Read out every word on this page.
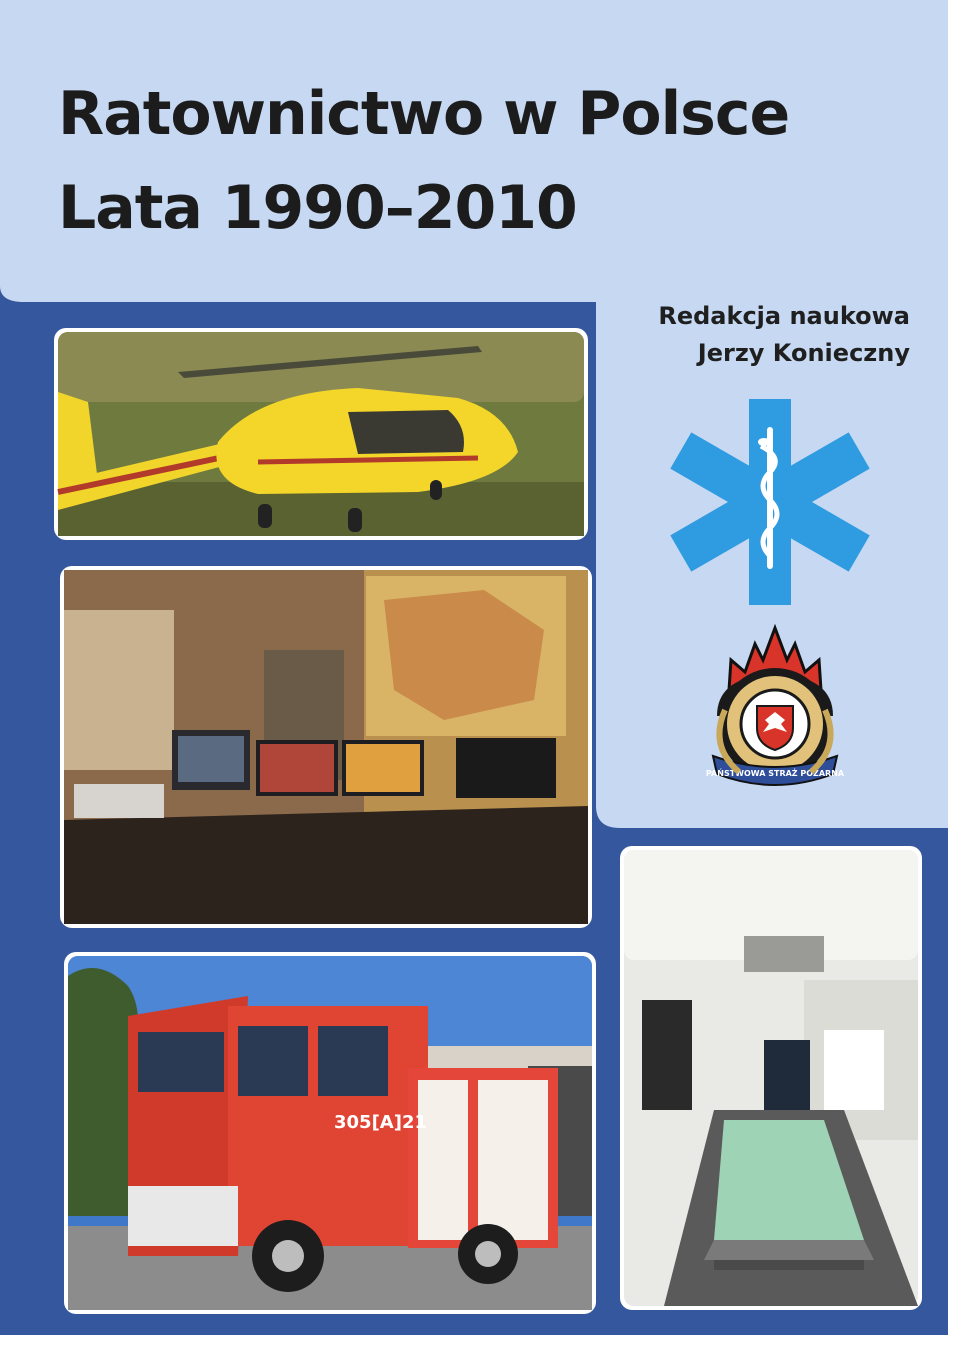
305[A]21
PAŃSTWOWA STRAŻ POŻARNA
Ratownictwo w Polsce
Lata 1990–2010
Redakcja naukowa
Jerzy Konieczny
